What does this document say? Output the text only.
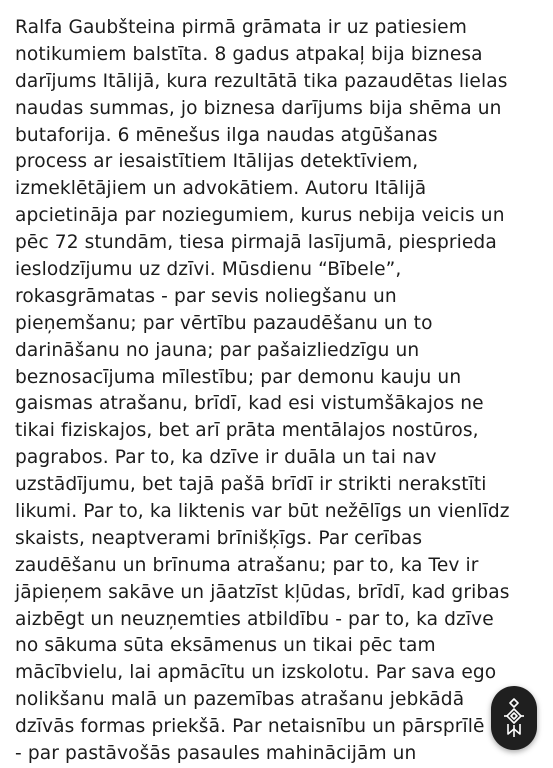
Ralfa Gaubšteina pirmā grāmata ir uz patiesiem
notikumiem balstīta. 8 gadus atpakaļ bija biznesa
darījums Itālijā, kura rezultātā tika pazaudētas lielas
naudas summas, jo biznesa darījums bija shēma un
butaforija. 6 mēnešus ilga naudas atgūšanas
process ar iesaistītiem Itālijas detektīviem,
izmeklētājiem un advokātiem. Autoru Itālijā
apcietināja par noziegumiem, kurus nebija veicis un
pēc 72 stundām, tiesa pirmajā lasījumā, piesprieda
ieslodzījumu uz dzīvi. Mūsdienu “Bībele”,
rokasgrāmatas - par sevis noliegšanu un
pieņemšanu; par vērtību pazaudēšanu un to
darināšanu no jauna; par pašaizliedzīgu un
beznosacījuma mīlestību; par demonu kauju un
gaismas atrašanu, brīdī, kad esi vistumšākajos ne
tikai fiziskajos, bet arī prāta mentālajos nostūros,
pagrabos. Par to, ka dzīve ir duāla un tai nav
uzstādījumu, bet tajā pašā brīdī ir strikti nerakstīti
likumi. Par to, ka liktenis var būt nežēlīgs un vienlīdz
skaists, neaptverami brīnišķīgs. Par cerības
zaudēšanu un brīnuma atrašanu; par to, ka Tev ir
jāpieņem sakāve un jāatzīst kļūdas, brīdī, kad gribas
aizbēgt un neuzņemties atbildību - par to, ka dzīve
no sākuma sūta eksāmenus un tikai pēc tam
mācībvielu, lai apmācītu un izskolotu. Par sava ego
nolikšanu malā un pazemības atrašanu jebkādā
dzīvās formas priekšā. Par netaisnību un pārsprīlē
- par pastāvošās pasaules mahinācijām un
